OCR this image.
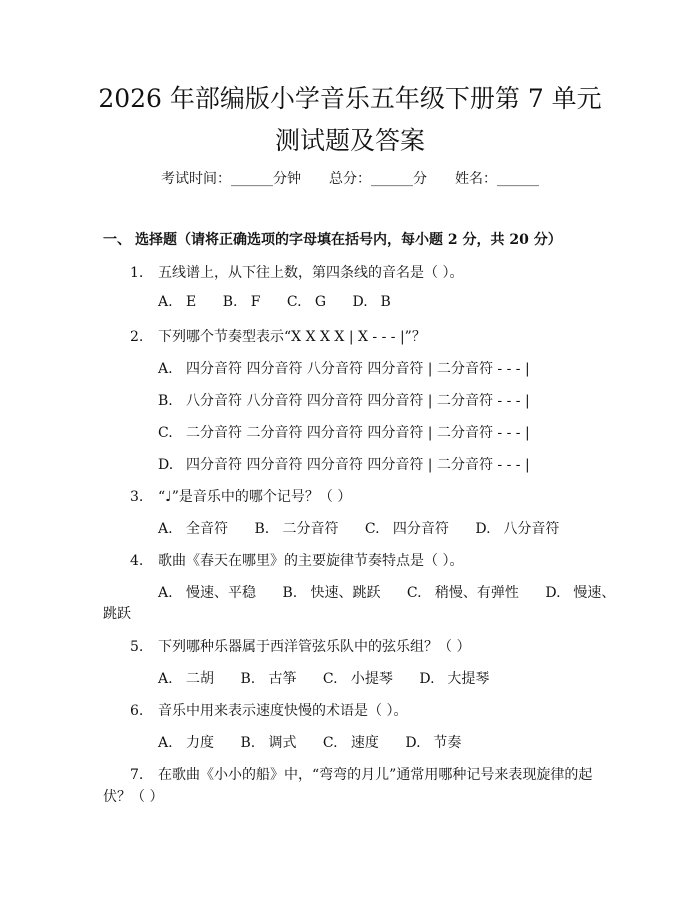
2026 年部编版小学音乐五年级下册第 7 单元
测试题及答案
考试时间：______分钟 总分：______分 姓名：______
一、 选择题（请将正确选项的字母填在括号内，每小题 2 分，共 20 分）
1. 五线谱上，从下往上数，第四条线的音名是（ ）。
A. E B. F C. G D. B
2. 下列哪个节奏型表示“X X X X | X - - - |”？
A. 四分音符 四分音符 八分音符 四分音符 | 二分音符 - - - |
B. 八分音符 八分音符 四分音符 四分音符 | 二分音符 - - - |
C. 二分音符 二分音符 四分音符 四分音符 | 二分音符 - - - |
D. 四分音符 四分音符 四分音符 四分音符 | 二分音符 - - - |
3. “♩”是音乐中的哪个记号？（ ）
A. 全音符 B. 二分音符 C. 四分音符 D. 八分音符
4. 歌曲《春天在哪里》的主要旋律节奏特点是（ ）。
A. 慢速、平稳 B. 快速、跳跃 C. 稍慢、有弹性 D. 慢速、
跳跃
5. 下列哪种乐器属于西洋管弦乐队中的弦乐组？（ ）
A. 二胡 B. 古筝 C. 小提琴 D. 大提琴
6. 音乐中用来表示速度快慢的术语是（ ）。
A. 力度 B. 调式 C. 速度 D. 节奏
7. 在歌曲《小小的船》中，“弯弯的月儿”通常用哪种记号来表现旋律的起
伏？（ ）
